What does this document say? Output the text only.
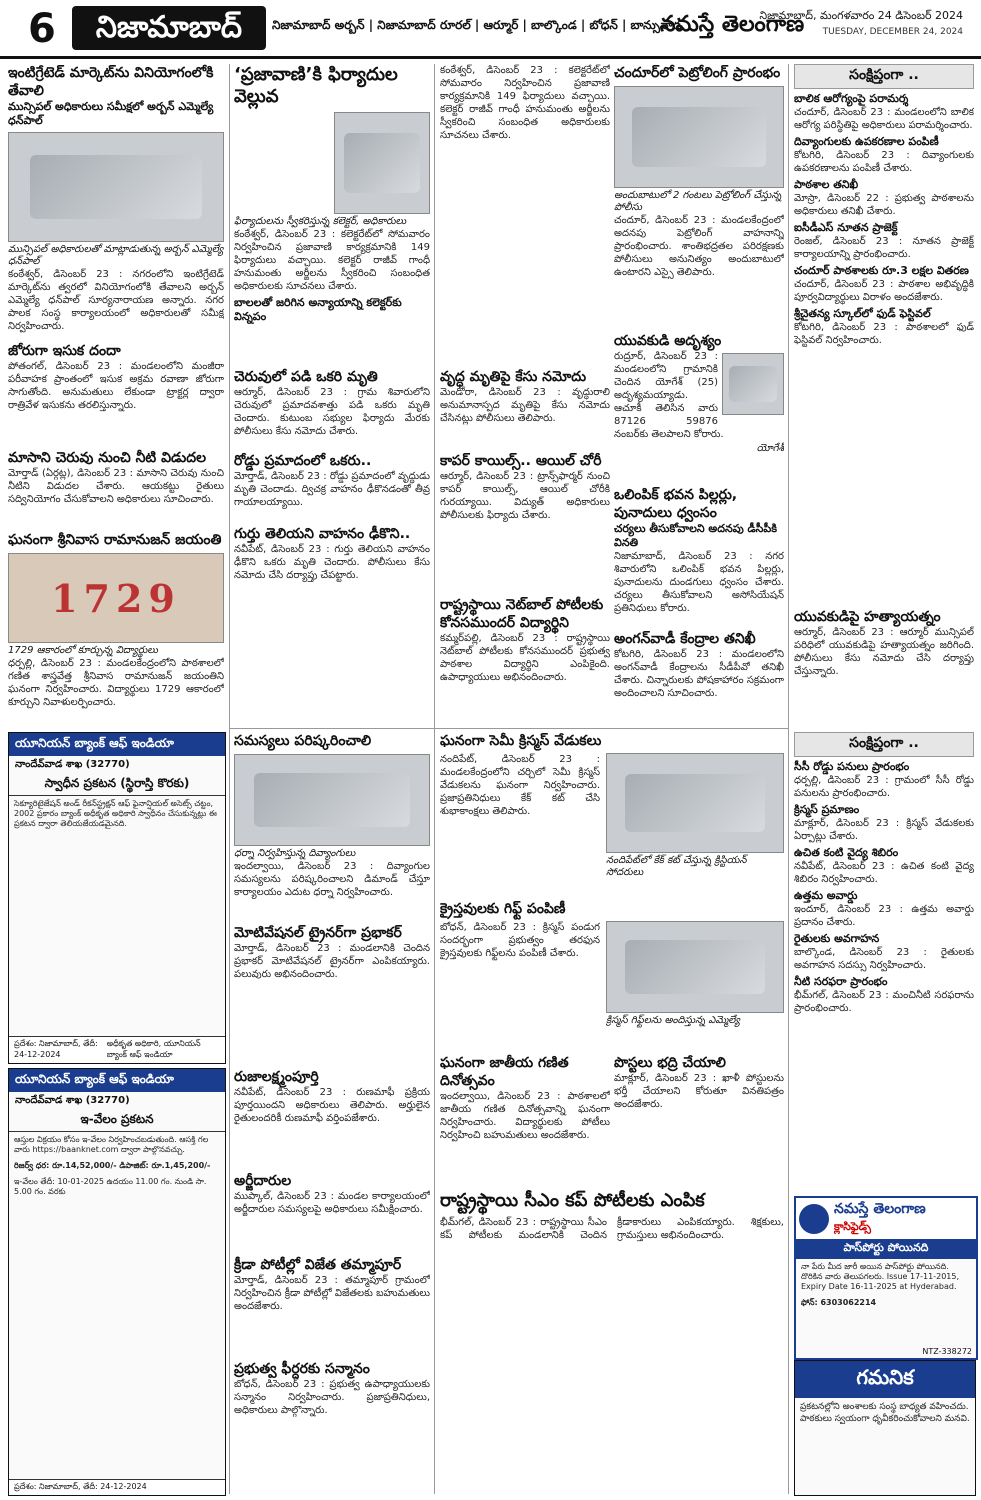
6	నిజామాబాద్	నిజామాబాద్ అర్బన్ | నిజామాబాద్ రూరల్ | ఆర్మూర్ | బాల్కొండ | బోధన్ | బాన్సువాడ
నమస్తే తెలంగాణ
నిజామాబాద్, మంగళవారం 24 డిసెంబర్ 2024
TUESDAY, DECEMBER 24, 2024
ఇంటిగ్రేటెడ్ మార్కెట్‌ను వినియోగంలోకి తేవాలి
మున్సిపల్ అధికారులు సమీక్షలో అర్బన్ ఎమ్మెల్యే ధన్‌పాల్
మున్సిపల్ అధికారులతో మాట్లాడుతున్న అర్బన్ ఎమ్మెల్యే ధన్‌పాల్
కంఠేశ్వర్, డిసెంబర్ 23 : నగరంలోని ఇంటిగ్రేటెడ్ మార్కెట్‌ను త్వరలో వినియోగంలోకి తేవాలని అర్బన్ ఎమ్మెల్యే ధన్‌పాల్ సూర్యనారాయణ అన్నారు. నగర పాలక సంస్థ కార్యాలయంలో అధికారులతో సమీక్ష నిర్వహించారు.
జోరుగా ఇసుక దందా
పోతంగల్, డిసెంబర్ 23 : మండలంలోని మంజీరా పరీవాహక ప్రాంతంలో ఇసుక అక్రమ రవాణా జోరుగా సాగుతోంది. అనుమతులు లేకుండా ట్రాక్టర్ల ద్వారా రాత్రివేళ ఇసుకను తరలిస్తున్నారు.
మాసాని చెరువు నుంచి నీటి విడుదల
మోర్తాడ్ (ఏర్గట్ల), డిసెంబర్ 23 : మాసాని చెరువు నుంచి నీటిని విడుదల చేశారు. ఆయకట్టు రైతులు సద్వినియోగం చేసుకోవాలని అధికారులు సూచించారు.
ఘనంగా శ్రీనివాస రామానుజన్ జయంతి
1729
1729 ఆకారంలో కూర్చున్న విద్యార్థులు
ధర్పల్లి, డిసెంబర్ 23 : మండలకేంద్రంలోని పాఠశాలలో గణిత శాస్త్రవేత్త శ్రీనివాస రామానుజన్ జయంతిని ఘనంగా నిర్వహించారు. విద్యార్థులు 1729 ఆకారంలో కూర్చుని నివాళులర్పించారు.
యూనియన్ బ్యాంక్ ఆఫ్ ఇండియా
నాందేవ్‌వాడ శాఖ (32770)
స్వాధీన ప్రకటన (స్థిరాస్తి కొరకు)
సెక్యూరిటైజేషన్ అండ్ రీకన్‌స్ట్రక్షన్ ఆఫ్ ఫైనాన్షియల్ అసెట్స్ చట్టం, 2002 ప్రకారం బ్యాంక్ అధీకృత అధికారి స్వాధీనం చేసుకున్నట్లు ఈ ప్రకటన ద్వారా తెలియజేయడమైనది.
ప్రదేశం: నిజామాబాద్, తేదీ: 24-12-2024
అధీకృత అధికారి, యూనియన్ బ్యాంక్ ఆఫ్ ఇండియా
యూనియన్ బ్యాంక్ ఆఫ్ ఇండియా
నాందేవ్‌వాడ శాఖ (32770)
ఇ-వేలం ప్రకటన
ఆస్తుల విక్రయం కోసం ఇ-వేలం నిర్వహించబడుతుంది. ఆసక్తి గల వారు https://baanknet.com ద్వారా పాల్గొనవచ్చు.
రిజర్వ్ ధర: రూ.14,52,000/- డిపాజిట్: రూ.1,45,200/-
ఇ-వేలం తేదీ: 10-01-2025 ఉదయం 11.00 గం. నుండి సా. 5.00 గం. వరకు
ప్రదేశం: నిజామాబాద్, తేదీ: 24-12-2024
‘ప్రజావాణి’కి ఫిర్యాదుల వెల్లువ
ఫిర్యాదులను స్వీకరిస్తున్న కలెక్టర్, అధికారులు
కంఠేశ్వర్, డిసెంబర్ 23 : కలెక్టరేట్‌లో సోమవారం నిర్వహించిన ప్రజావాణి కార్యక్రమానికి 149 ఫిర్యాదులు వచ్చాయి. కలెక్టర్ రాజీవ్ గాంధీ హనుమంతు అర్జీలను స్వీకరించి సంబంధిత అధికారులకు సూచనలు చేశారు.
బాలలతో జరిగిన అన్యాయాన్ని కలెక్టర్‌కు విన్నపం
చెరువులో పడి ఒకరి మృతి
ఆర్మూర్, డిసెంబర్ 23 : గ్రామ శివారులోని చెరువులో ప్రమాదవశాత్తు పడి ఒకరు మృతి చెందారు. కుటుంబ సభ్యుల ఫిర్యాదు మేరకు పోలీసులు కేసు నమోదు చేశారు.
రోడ్డు ప్రమాదంలో ఒకరు..
మోర్తాడ్, డిసెంబర్ 23 : రోడ్డు ప్రమాదంలో వృద్ధుడు మృతి చెందాడు. ద్విచక్ర వాహనం ఢీకొనడంతో తీవ్ర గాయాలయ్యాయి.
గుర్తు తెలియని వాహనం ఢీకొని..
నవీపేట్, డిసెంబర్ 23 : గుర్తు తెలియని వాహనం ఢీకొని ఒకరు మృతి చెందారు. పోలీసులు కేసు నమోదు చేసి దర్యాప్తు చేపట్టారు.
సమస్యలు పరిష్కరించాలి
ధర్నా నిర్వహిస్తున్న దివ్యాంగులు
ఇందల్వాయి, డిసెంబర్ 23 : దివ్యాంగుల సమస్యలను పరిష్కరించాలని డిమాండ్ చేస్తూ కార్యాలయం ఎదుట ధర్నా నిర్వహించారు.
మోటివేషనల్ ట్రైనర్‌గా ప్రభాకర్
మోర్తాడ్, డిసెంబర్ 23 : మండలానికి చెందిన ప్రభాకర్ మోటివేషనల్ ట్రైనర్‌గా ఎంపికయ్యారు. పలువురు అభినందించారు.
రుజాలక్ష్మంపూర్తి
నవీపేట్, డిసెంబర్ 23 : రుణమాఫీ ప్రక్రియ పూర్తయిందని అధికారులు తెలిపారు. అర్హులైన రైతులందరికీ రుణమాఫీ వర్తింపజేశారు.
అర్జీదారుల
ముప్కాల్, డిసెంబర్ 23 : మండల కార్యాలయంలో అర్జీదారుల సమస్యలపై అధికారులు సమీక్షించారు.
క్రీడా పోటీల్లో విజేత తమ్మాపూర్
మోర్తాడ్, డిసెంబర్ 23 : తమ్మాపూర్ గ్రామంలో నిర్వహించిన క్రీడా పోటీల్లో విజేతలకు బహుమతులు అందజేశారు.
ప్రభుత్వ ఫీర్దరకు సన్మానం
బోధన్, డిసెంబర్ 23 : ప్రభుత్వ ఉపాధ్యాయులకు సన్మానం నిర్వహించారు. ప్రజాప్రతినిధులు, అధికారులు పాల్గొన్నారు.
చందూర్‌లో పెట్రోలింగ్ ప్రారంభం
అందుబాటులో 2 గంటలు పెట్రోలింగ్ చేస్తున్న పోలీసు
చందూర్, డిసెంబర్ 23 : మండలకేంద్రంలో అదనపు పెట్రోలింగ్ వాహనాన్ని ప్రారంభించారు. శాంతిభద్రతల పరిరక్షణకు పోలీసులు అనునిత్యం అందుబాటులో ఉంటారని ఎస్సై తెలిపారు.
కంఠేశ్వర్, డిసెంబర్ 23 : కలెక్టరేట్‌లో సోమవారం నిర్వహించిన ప్రజావాణి కార్యక్రమానికి 149 ఫిర్యాదులు వచ్చాయి. కలెక్టర్ రాజీవ్ గాంధీ హనుమంతు అర్జీలను స్వీకరించి సంబంధిత అధికారులకు సూచనలు చేశారు.
యువకుడి అదృశ్యం
రుద్రూర్, డిసెంబర్ 23 : మండలంలోని గ్రామానికి చెందిన యోగేశ్ (25) అదృశ్యమయ్యాడు. ఆచూకీ తెలిసిన వారు 87126 59876 నంబర్‌కు తెలపాలని కోరారు.
యోగేశ్
ఒలింపిక్ భవన పిల్లర్లు, పునాదులు ధ్వంసం
చర్యలు తీసుకోవాలని అదనపు డీసీపీకి వినతి
నిజామాబాద్, డిసెంబర్ 23 : నగర శివారులోని ఒలింపిక్ భవన పిల్లర్లు, పునాదులను దుండగులు ధ్వంసం చేశారు. చర్యలు తీసుకోవాలని అసోసియేషన్ ప్రతినిధులు కోరారు.
అంగన్‌వాడీ కేంద్రాల తనిఖీ
కోటగిరి, డిసెంబర్ 23 : మండలంలోని అంగన్‌వాడీ కేంద్రాలను సీడీపీవో తనిఖీ చేశారు. చిన్నారులకు పోషకాహారం సక్రమంగా అందించాలని సూచించారు.
వృద్ధ మృతిపై కేసు నమోదు
మెండోరా, డిసెంబర్ 23 : వృద్ధురాలి అనుమానాస్పద మృతిపై కేసు నమోదు చేసినట్లు పోలీసులు తెలిపారు.
కాపర్ కాయిల్స్‌.. ఆయిల్ చోరీ
ఆర్మూర్, డిసెంబర్ 23 : ట్రాన్స్‌ఫార్మర్ నుంచి కాపర్ కాయిల్స్, ఆయిల్ చోరీకి గురయ్యాయి. విద్యుత్ అధికారులు పోలీసులకు ఫిర్యాదు చేశారు.
రాష్ట్రస్థాయి నెట్‌బాల్ పోటీలకు కోనసముందర్ విద్యార్థిని
కమ్మర్‌పల్లి, డిసెంబర్ 23 : రాష్ట్రస్థాయి నెట్‌బాల్ పోటీలకు కోనసముందర్ ప్రభుత్వ పాఠశాల విద్యార్థిని ఎంపికైంది. ఉపాధ్యాయులు అభినందించారు.
ఘనంగా సెమీ క్రిస్మస్ వేడుకలు
నందిపేట్, డిసెంబర్ 23 : మండలకేంద్రంలోని చర్చిలో సెమీ క్రిస్మస్ వేడుకలను ఘనంగా నిర్వహించారు. ప్రజాప్రతినిధులు కేక్ కట్ చేసి శుభాకాంక్షలు తెలిపారు.
నందిపేట్‌లో కేక్ కట్ చేస్తున్న క్రిస్టియన్ సోదరులు
క్రైస్తవులకు గిఫ్ట్ పంపిణీ
బోధన్, డిసెంబర్ 23 : క్రిస్మస్ పండుగ సందర్భంగా ప్రభుత్వం తరఫున క్రైస్తవులకు గిఫ్ట్‌లను పంపిణీ చేశారు.
క్రిస్మస్ గిఫ్ట్‌లను అందిస్తున్న ఎమ్మెల్యే
ఘనంగా జాతీయ గణిత దినోత్సవం
ఇందల్వాయి, డిసెంబర్ 23 : పాఠశాలలో జాతీయ గణిత దినోత్సవాన్ని ఘనంగా నిర్వహించారు. విద్యార్థులకు పోటీలు నిర్వహించి బహుమతులు అందజేశారు.
పొస్టలు భద్రి చేయాలి
మాక్లూర్, డిసెంబర్ 23 : ఖాళీ పోస్టులను భర్తీ చేయాలని కోరుతూ వినతిపత్రం అందజేశారు.
రాష్ట్రస్థాయి సీఎం కప్ పోటీలకు ఎంపిక
భీమ్‌గల్, డిసెంబర్ 23 : రాష్ట్రస్థాయి సీఎం కప్ పోటీలకు మండలానికి చెందిన క్రీడాకారులు ఎంపికయ్యారు. శిక్షకులు, గ్రామస్తులు అభినందించారు.
సంక్షిప్తంగా ..
బాలిక ఆరోగ్యంపై పరామర్శ
చందూర్, డిసెంబర్ 23 : మండలంలోని బాలిక ఆరోగ్య పరిస్థితిపై అధికారులు పరామర్శించారు.
దివ్యాంగులకు ఉపకరణాల పంపిణీ
కోటగిరి, డిసెంబర్ 23 : దివ్యాంగులకు ఉపకరణాలను పంపిణీ చేశారు.
పాఠశాల తనిఖీ
మోస్రా, డిసెంబర్ 22 : ప్రభుత్వ పాఠశాలను అధికారులు తనిఖీ చేశారు.
ఐసీడీఎస్ నూతన ప్రాజెక్ట్
రెంజల్, డిసెంబర్ 23 : నూతన ప్రాజెక్ట్ కార్యాలయాన్ని ప్రారంభించారు.
చందూర్ పాఠశాలకు రూ.3 లక్షల వితరణ
చందూర్, డిసెంబర్ 23 : పాఠశాల అభివృద్ధికి పూర్వవిద్యార్థులు విరాళం అందజేశారు.
శ్రీచైతన్య స్కూల్‌లో ఫుడ్ ఫెస్టివల్
కోటగిరి, డిసెంబర్ 23 : పాఠశాలలో ఫుడ్ ఫెస్టివల్ నిర్వహించారు.
యువకుడిపై హత్యాయత్నం
ఆర్మూర్, డిసెంబర్ 23 : ఆర్మూర్ మున్సిపల్ పరిధిలో యువకుడిపై హత్యాయత్నం జరిగింది. పోలీసులు కేసు నమోదు చేసి దర్యాప్తు చేస్తున్నారు.
సంక్షిప్తంగా ..
సీసీ రోడ్డు పనులు ప్రారంభం
ధర్పల్లి, డిసెంబర్ 23 : గ్రామంలో సీసీ రోడ్డు పనులను ప్రారంభించారు.
క్రిస్మస్ ప్రమాణం
మాక్లూర్, డిసెంబర్ 23 : క్రిస్మస్ వేడుకలకు ఏర్పాట్లు చేశారు.
ఉచిత కంటి వైద్య శిబిరం
నవీపేట్, డిసెంబర్ 23 : ఉచిత కంటి వైద్య శిబిరం నిర్వహించారు.
ఉత్తమ అవార్డు
ఇందూర్, డిసెంబర్ 23 : ఉత్తమ అవార్డు ప్రదానం చేశారు.
రైతులకు అవగాహన
బాల్కొండ, డిసెంబర్ 23 : రైతులకు అవగాహన సదస్సు నిర్వహించారు.
నీటి సరఫరా ప్రారంభం
భీమ్‌గల్, డిసెంబర్ 23 : మంచినీటి సరఫరాను ప్రారంభించారు.
నమస్తే తెలంగాణ
క్లాసిఫైడ్స్
పాస్‌పోర్టు పోయినది
నా పేరు మీద జారీ అయిన పాస్‌పోర్టు పోయినది. దొరికిన వారు తెలుపగలరు. Issue 17-11-2015, Expiry Date 16-11-2025 at Hyderabad.
ఫోన్: 6303062214
NTZ-338272
గమనిక
ప్రకటనల్లోని అంశాలకు సంస్థ బాధ్యత వహించదు. పాఠకులు స్వయంగా ధృవీకరించుకోవాలని మనవి.
